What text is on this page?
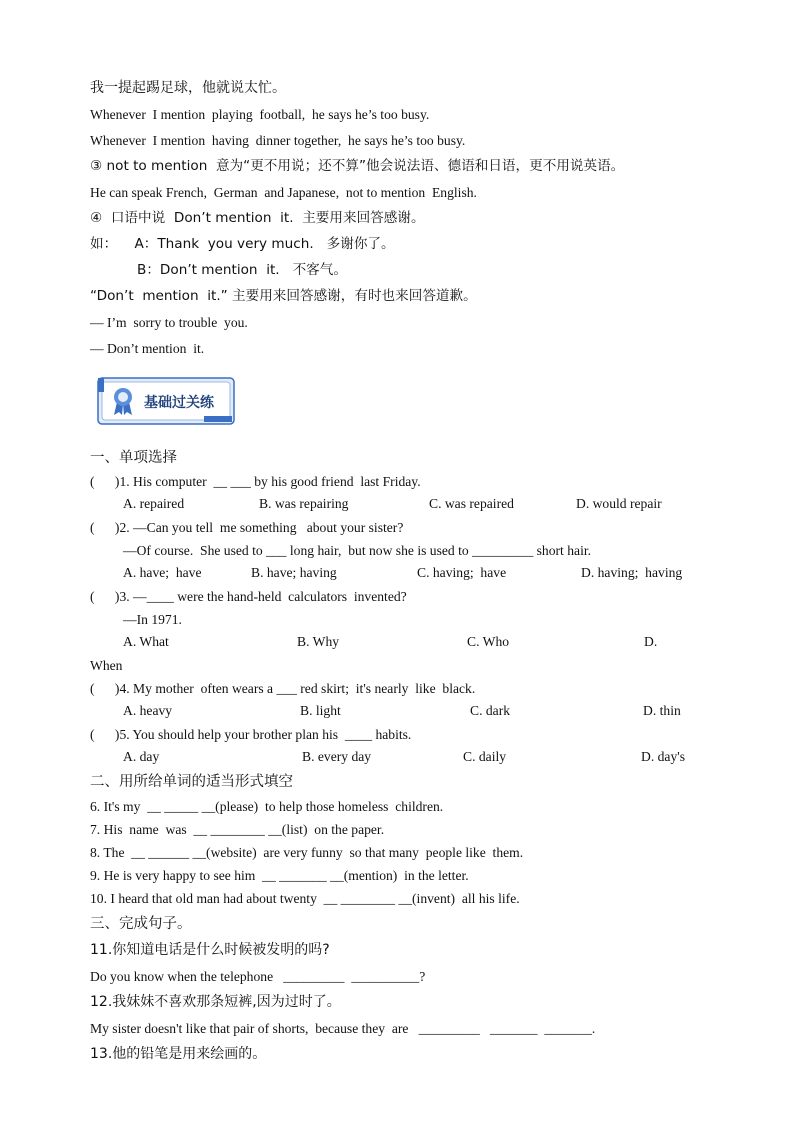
我一提起踢足球，他就说太忙。
Whenever  I mention  playing  football,  he says he’s too busy.
Whenever  I mention  having  dinner together,  he says he’s too busy.
③ not to mention  意为“更不用说；还不算”他会说法语、德语和日语，更不用说英语。
He can speak French,  German  and Japanese,  not to mention  English.
④  口语中说  Don’t mention  it.  主要用来回答感谢。
如：    A：Thank  you very much.   多谢你了。
B：Don’t mention  it.   不客气。
“Don’t  mention  it.” 主要用来回答感谢，有时也来回答道歉。
— I’m  sorry to trouble  you.
— Don’t mention  it.
基础过关练
一、单项选择
(      )1. His computer  __ ___ by his good friend  last Friday.
A. repaired	B. was repairing	C. was repaired	D. would repair
(      )2. —Can you tell  me something   about your sister?
—Of course.  She used to ___ long hair,  but now she is used to _________ short hair.
A. have;  have	B. have; having	C. having;  have	D. having;  having
(      )3. —____ were the hand-held  calculators  invented?
—In 1971.
A. What	B. Why	C. Who	D.
When
(      )4. My mother  often wears a ___ red skirt;  it's nearly  like  black.
A. heavy	B. light	C. dark	D. thin
(      )5. You should help your brother plan his  ____ habits.
A. day	B. every day	C. daily	D. day's
二、用所给单词的适当形式填空
6. It's my  __ _____ __(please)  to help those homeless  children.
7. His  name  was  __ ________ __(list)  on the paper.
8. The  __ ______ __(website)  are very funny  so that many  people like  them.
9. He is very happy to see him  __ _______ __(mention)  in the letter.
10. I heard that old man had about twenty  __ ________ __(invent)  all his life.
三、完成句子。
11.你知道电话是什么时候被发明的吗?
Do you know when the telephone   _________  __________?
12.我妹妹不喜欢那条短裤,因为过时了。
My sister doesn't like that pair of shorts,  because they  are   _________   _______  _______.
13.他的铅笔是用来绘画的。
